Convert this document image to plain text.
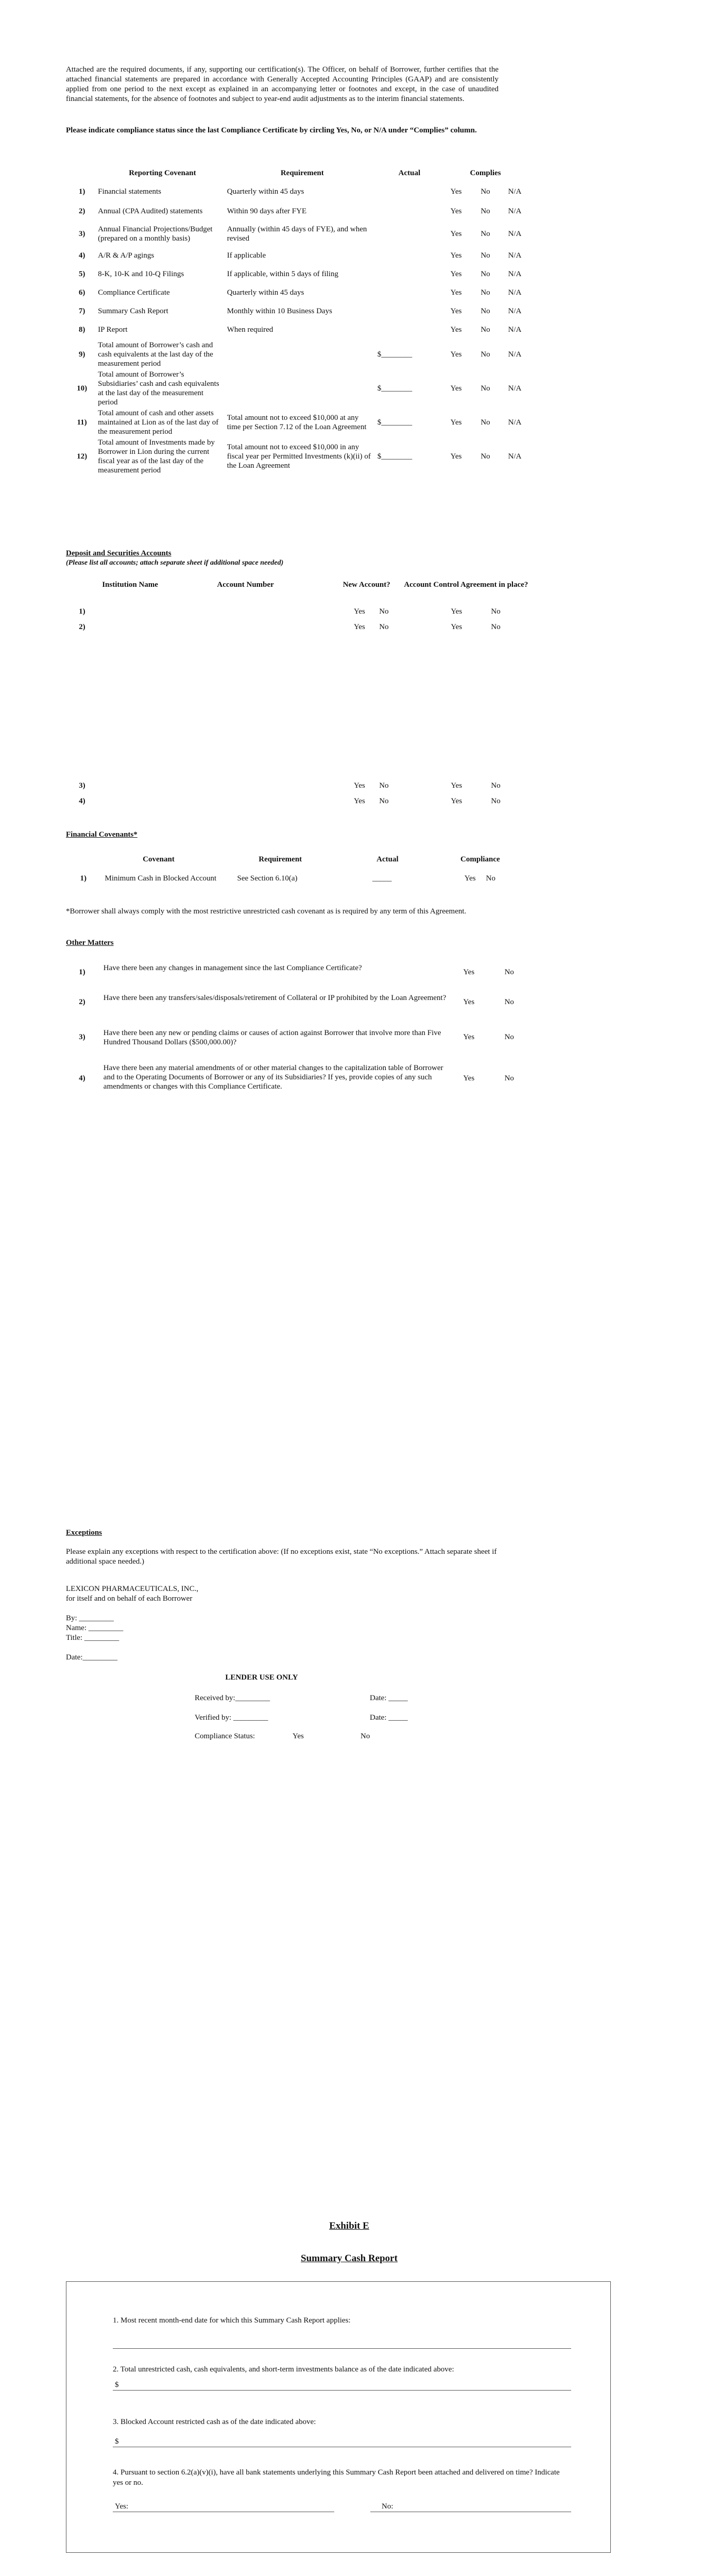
Attached are the required documents, if any, supporting our certification(s). The Officer, on behalf of Borrower, further certifies that the attached financial statements are prepared in accordance with Generally Accepted Accounting Principles (GAAP) and are consistently applied from one period to the next except as explained in an accompanying letter or footnotes and except, in the case of unaudited financial statements, for the absence of footnotes and subject to year-end audit adjustments as to the interim financial statements.

Please indicate compliance status since the last Compliance Certificate by circling Yes, No, or N/A under “Complies” column.

	Reporting Covenant	Requirement	Actual	Complies		
1)	Financial statements	Quarterly within 45 days		Yes	No	N/A
2)	Annual (CPA Audited) statements	Within 90 days after FYE		Yes	No	N/A
3)	Annual Financial Projections/Budget (prepared on a monthly basis)	Annually (within 45 days of FYE), and when revised		Yes	No	N/A
4)	A/R & A/P agings	If applicable		Yes	No	N/A
5)	8-K, 10-K and 10-Q Filings	If applicable, within 5 days of filing		Yes	No	N/A
6)	Compliance Certificate	Quarterly within 45 days		Yes	No	N/A
7)	Summary Cash Report	Monthly within 10 Business Days		Yes	No	N/A
8)	IP Report	When required		Yes	No	N/A
9)	Total amount of Borrower’s cash and cash equivalents at the last day of the measurement period		$________	Yes	No	N/A
10)	Total amount of Borrower’s Subsidiaries’ cash and cash equivalents at the last day of the measurement period		$________	Yes	No	N/A
11)	Total amount of cash and other assets maintained at Lion as of the last day of the measurement period	Total amount not to exceed $10,000 at any time per Section 7.12 of the Loan Agreement	$________	Yes	No	N/A
12)	Total amount of Investments made by Borrower in Lion during the current fiscal year as of the last day of the measurement period	Total amount not to exceed $10,000 in any fiscal year per Permitted Investments (k)(ii) of the Loan Agreement	$________	Yes	No	N/A
Deposit and Securities Accounts
(Please list all accounts; attach separate sheet if additional space needed)
	Institution Name	Account Number	New Account?	Account Control Agreement in place?
1)			Yes	No	Yes	No
2)			Yes	No	Yes	No
3)			Yes	No	Yes	No
4)			Yes	No	Yes	No
Financial Covenants*
	Covenant	Requirement	Actual	Compliance	
1)	Minimum Cash in Blocked Account	See Section 6.10(a)	_____	Yes	No

*Borrower shall always comply with the most restrictive unrestricted cash covenant as is required by any term of this Agreement.

Other Matters
1)	Have there been any changes in management since the last Compliance Certificate?	Yes	No
2)	Have there been any transfers/sales/disposals/retirement of Collateral or IP prohibited by the Loan Agreement?	Yes	No
3)	Have there been any new or pending claims or causes of action against Borrower that involve more than Five Hundred Thousand Dollars ($500,000.00)?	Yes	No
4)	Have there been any material amendments of or other material changes to the capitalization table of Borrower and to the Operating Documents of Borrower or any of its Subsidiaries? If yes, provide copies of any such amendments or changes with this Compliance Certificate.	Yes	No
Exceptions

Please explain any exceptions with respect to the certification above: (If no exceptions exist, state “No exceptions.” Attach separate sheet if additional space needed.)

LEXICON PHARMACEUTICALS, INC.,
for itself and on behalf of each Borrower
By: _________
Name: _________
Title: _________
Date:_________
LENDER USE ONLY
Received by:_________	Date: _____
Verified by: _________	Date: _____
Compliance Status:	Yes	No
Exhibit E
Summary Cash Report
1. Most recent month-end date for which this Summary Cash Report applies:
2. Total unrestricted cash, cash equivalents, and short-term investments balance as of the date indicated above:
$
3. Blocked Account restricted cash as of the date indicated above:
$
4. Pursuant to section 6.2(a)(v)(i), have all bank statements underlying this Summary Cash Report been attached and delivered on time? Indicate yes or no.
Yes:	No:
